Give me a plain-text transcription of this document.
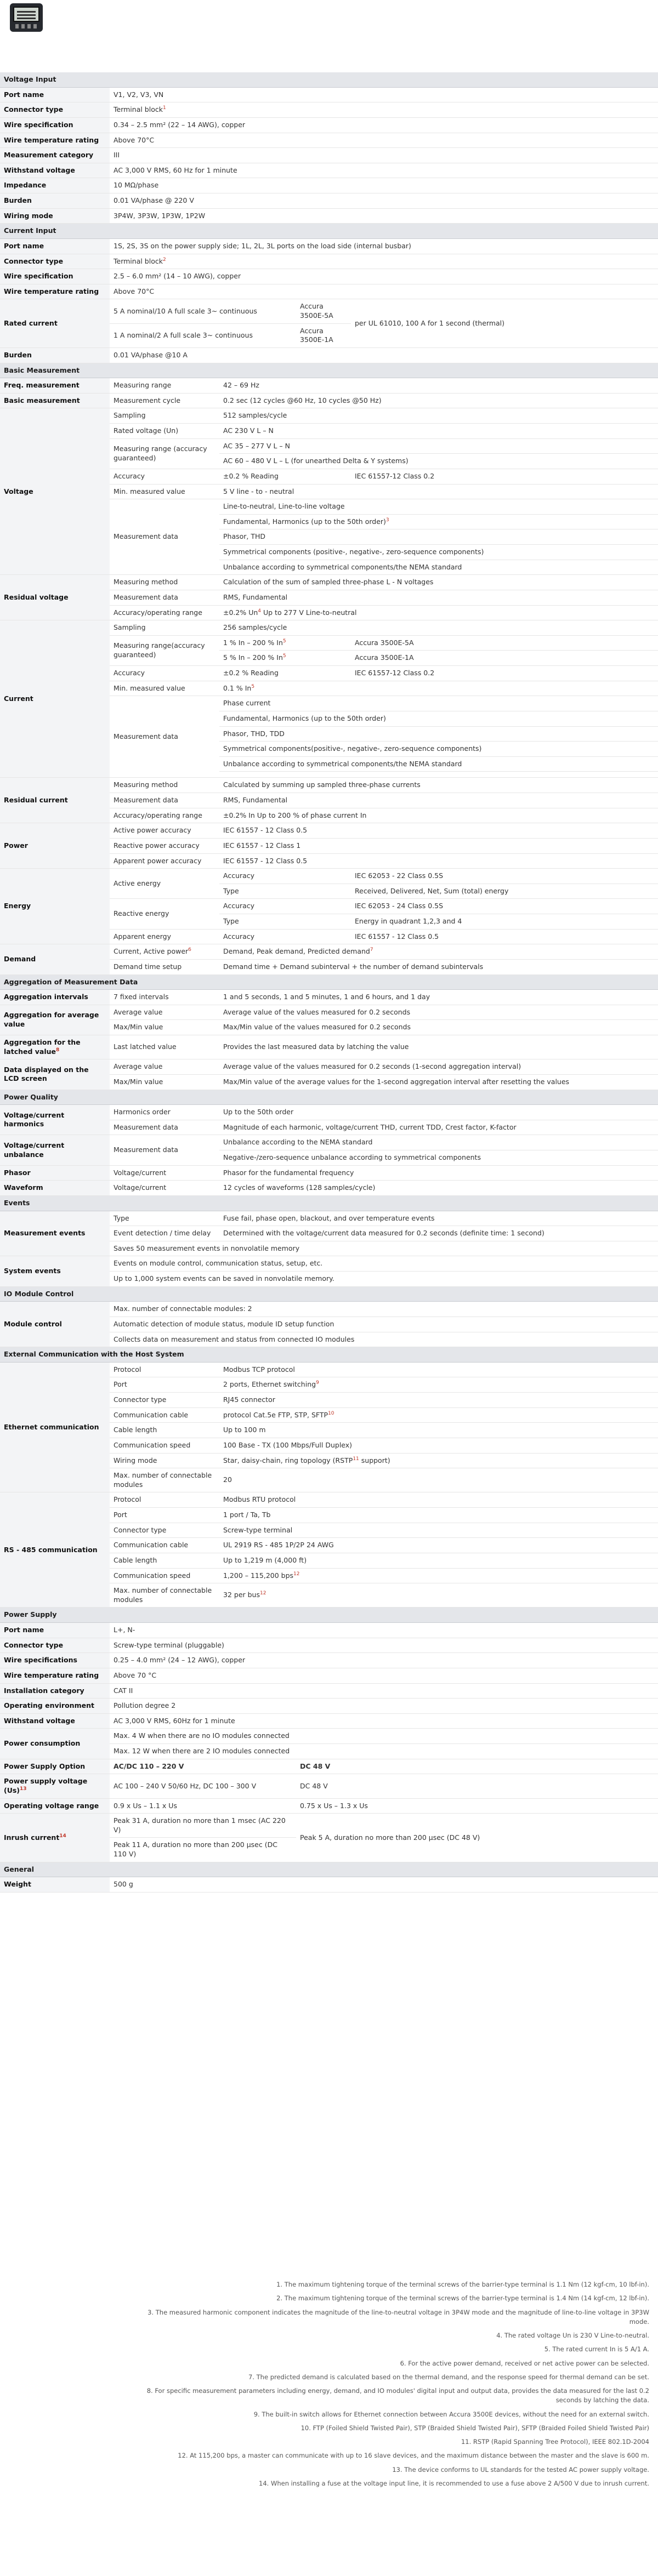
Voltage Input				
Port name	V1, V2, V3, VN			
Connector type	Terminal block$^1$
Wire specification	0.34 – 2.5 mm² (22 – 14 AWG), copper			
Wire temperature rating	Above 70°C			
Measurement category	III			
Withstand voltage	AC 3,000 V RMS, 60 Hz for 1 minute			
Impedance	10 MΩ/phase			
Burden	0.01 VA/phase @ 220 V			
Wiring mode	3P4W, 3P3W, 1P3W, 1P2W			
Current Input				
Port name	1S, 2S, 3S on the power supply side; 1L, 2L, 3L ports on the load side (internal busbar)			
Connector type	Terminal block$^2$
Wire specification	2.5 – 6.0 mm² (14 – 10 AWG), copper			
Wire temperature rating	Above 70°C			
Rated current	5 A nominal/10 A full scale 3~ continuous		Accura 3500E-5A	per UL 61010, 100 A for 1 second (thermal)
	1 A nominal/2 A full scale 3~ continuous		Accura 3500E-1A	
Burden	0.01 VA/phase @10 A			
Basic Measurement				
Freq. measurement	Measuring range	42 – 69 Hz		
Basic measurement	Measurement cycle	0.2 sec (12 cycles @60 Hz, 10 cycles @50 Hz)		
Voltage	Sampling	512 samples/cycle		
	Rated voltage (Un)	AC 230 V L – N		
	Measuring range (accuracy guaranteed)	AC 35 – 277 V L – N		
		AC 60 – 480 V L – L (for unearthed Delta & Y systems)		
	Accuracy	±0.2 % Reading		IEC 61557-12 Class 0.2
	Min. measured value	5 V line - to - neutral		
	Measurement data	Line-to-neutral, Line-to-line voltage		
		Fundamental, Harmonics (up to the 50th order)$^3$
		Phasor, THD		
		Symmetrical components (positive-, negative-, zero-sequence components)		
		Unbalance according to symmetrical components/the NEMA standard		
Residual voltage	Measuring method	Calculation of the sum of sampled three-phase L - N voltages		
	Measurement data	RMS, Fundamental		
	Accuracy/operating range	±0.2% Un$^4$ Up to 277 V Line-to-neutral		
Current	Sampling	256 samples/cycle		
	Measuring range(accuracy guaranteed)	1 % In – 200 % In$^5$		Accura 3500E-5A
		5 % In – 200 % In$^5$		Accura 3500E-1A
	Accuracy	±0.2 % Reading		IEC 61557-12 Class 0.2
	Min. measured value	0.1 % In$^5$
	Measurement data	Phase current		
		Fundamental, Harmonics (up to the 50th order)		
		Phasor, THD, TDD		
		Symmetrical components(positive-, negative-, zero-sequence components)		
		Unbalance according to symmetrical components/the NEMA standard		

Residual current	Measuring method	Calculated by summing up sampled three-phase currents		
	Measurement data	RMS, Fundamental		
	Accuracy/operating range	±0.2% In Up to 200 % of phase current In		
Power	Active power accuracy	IEC 61557 - 12 Class 0.5		
	Reactive power accuracy	IEC 61557 - 12 Class 1		
	Apparent power accuracy	IEC 61557 - 12 Class 0.5		
Energy	Active energy	Accuracy		IEC 62053 - 22 Class 0.5S
		Type		Received, Delivered, Net, Sum (total) energy
	Reactive energy	Accuracy		IEC 62053 - 24 Class 0.5S
		Type		Energy in quadrant 1,2,3 and 4
	Apparent energy	Accuracy		IEC 61557 - 12 Class 0.5
Demand	Current, Active power$^6$	Demand, Peak demand, Predicted demand$^7$
	Demand time setup	Demand time + Demand subinterval + the number of demand subintervals		
Aggregation of Measurement Data				
Aggregation intervals	7 fixed intervals	1 and 5 seconds, 1 and 5 minutes, 1 and 6 hours, and 1 day		
Aggregation for average value	Average value	Average value of the values measured for 0.2 seconds		
	Max/Min value	Max/Min value of the values measured for 0.2 seconds		
Aggregation for the latched value$^8$	Last latched value	Provides the last measured data by latching the value		
Data displayed on the LCD screen	Average value	Average value of the values measured for 0.2 seconds (1-second aggregation interval)		
	Max/Min value	Max/Min value of the average values for the 1-second aggregation interval after resetting the values		
Power Quality				
Voltage/current harmonics	Harmonics order	Up to the 50th order		
	Measurement data	Magnitude of each harmonic, voltage/current THD, current TDD, Crest factor, K-factor		
Voltage/current unbalance	Measurement data	Unbalance according to the NEMA standard		
		Negative-/zero-sequence unbalance according to symmetrical components		
Phasor	Voltage/current	Phasor for the fundamental frequency		
Waveform	Voltage/current	12 cycles of waveforms (128 samples/cycle)		
Events				
Measurement events	Type	Fuse fail, phase open, blackout, and over temperature events		
	Event detection / time delay	Determined with the voltage/current data measured for 0.2 seconds (definite time: 1 second)		
	Saves 50 measurement events in nonvolatile memory			
System events	Events on module control, communication status, setup, etc.			
	Up to 1,000 system events can be saved in nonvolatile memory.			
IO Module Control				
Module control	Max. number of connectable modules: 2			
	Automatic detection of module status, module ID setup function			
	Collects data on measurement and status from connected IO modules			
External Communication with the Host System				
Ethernet communication	Protocol	Modbus TCP protocol		
	Port	2 ports, Ethernet switching$^9$
	Connector type	RJ45 connector		
	Communication cable	protocol Cat.5e FTP, STP, SFTP$^{10}$
	Cable length	Up to 100 m		
	Communication speed	100 Base - TX (100 Mbps/Full Duplex)		
	Wiring mode	Star, daisy-chain, ring topology (RSTP$^{11}$ support)		
	Max. number of connectable modules	20		
RS - 485 communication	Protocol	Modbus RTU protocol		
	Port	1 port / Ta, Tb		
	Connector type	Screw-type terminal		
	Communication cable	UL 2919 RS - 485 1P/2P 24 AWG		
	Cable length	Up to 1,219 m (4,000 ft)		
	Communication speed	1,200 – 115,200 bps$^{12}$
	Max. number of connectable modules	32 per bus$^{12}$
Power Supply				
Port name	L+, N-			
Connector type	Screw-type terminal (pluggable)			
Wire specifications	0.25 – 4.0 mm² (24 – 12 AWG), copper			
Wire temperature rating	Above 70 °C			
Installation category	CAT II			
Operating environment	Pollution degree 2			
Withstand voltage	AC 3,000 V RMS, 60Hz for 1 minute			
Power consumption	Max. 4 W when there are no IO modules connected			
	Max. 12 W when there are 2 IO modules connected			
Power Supply Option	AC/DC 110 – 220 V		DC 48 V	
Power supply voltage $(Us)^{13}$	AC 100 – 240 V 50/60 Hz, DC 100 – 300 V		DC 48 V	
Operating voltage range	0.9 x Us – 1.1 x Us		0.75 x Us – 1.3 x Us	
Inrush current$^{14}$	Peak 31 A, duration no more than 1 msec (AC 220 V)		Peak 5 A, duration no more than 200 μsec (DC 48 V)	
	Peak 11 A, duration no more than 200 μsec (DC 110 V)			
General				
Weight	500 g			

1. The maximum tightening torque of the terminal screws of the barrier-type terminal is 1.1 Nm (12 kgf-cm, 10 lbf-in).

2. The maximum tightening torque of the terminal screws of the barrier-type terminal is 1.4 Nm (14 kgf-cm, 12 lbf-in).

3. The measured harmonic component indicates the magnitude of the line-to-neutral voltage in 3P4W mode and the magnitude of line-to-line voltage in 3P3W mode.

4. The rated voltage Un is 230 V Line-to-neutral.

5. The rated current In is 5 A/1 A.

6. For the active power demand, received or net active power can be selected.

7. The predicted demand is calculated based on the thermal demand, and the response speed for thermal demand can be set.

8. For specific measurement parameters including energy, demand, and IO modules' digital input and output data, provides the data measured for the last 0.2 seconds by latching the data.

9. The built-in switch allows for Ethernet connection between Accura 3500E devices, without the need for an external switch.

10. FTP (Foiled Shield Twisted Pair), STP (Braided Shield Twisted Pair), SFTP (Braided Foiled Shield Twisted Pair)

11. RSTP (Rapid Spanning Tree Protocol), IEEE 802.1D-2004

12. At 115,200 bps, a master can communicate with up to 16 slave devices, and the maximum distance between the master and the slave is 600 m.

13. The device conforms to UL standards for the tested AC power supply voltage.

14. When installing a fuse at the voltage input line, it is recommended to use a fuse above 2 A/500 V due to inrush current.
